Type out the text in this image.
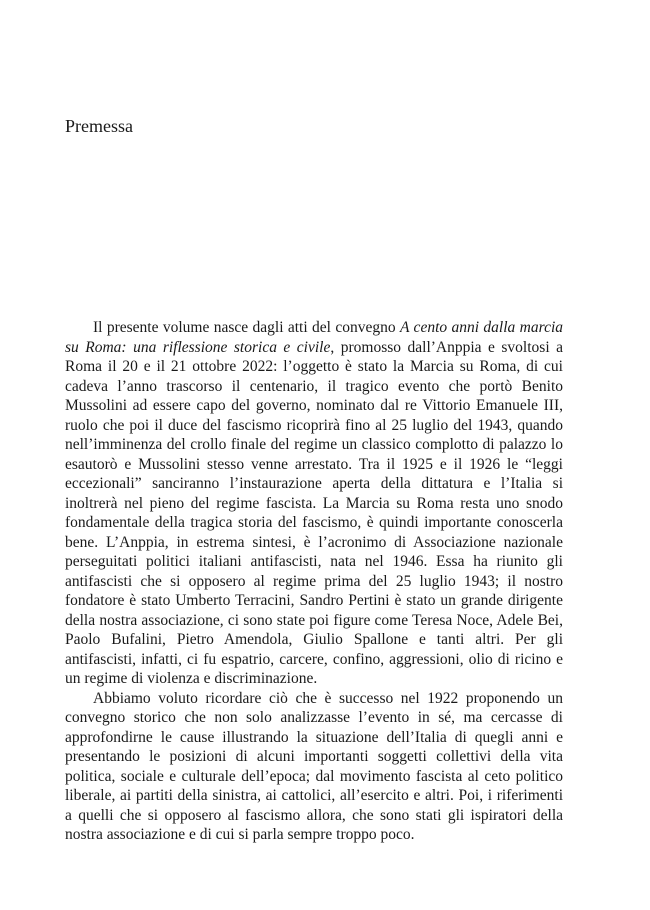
Premessa

Il presente volume nasce dagli atti del convegno A cento anni dalla marcia su Roma: una riflessione storica e civile, promosso dall’Anppia e svoltosi a Roma il 20 e il 21 ottobre 2022: l’oggetto è stato la Marcia su Roma, di cui cadeva l’anno trascorso il centenario, il tragico evento che portò Benito Mussolini ad essere capo del governo, nominato dal re Vittorio Emanuele III, ruolo che poi il duce del fascismo ricoprirà fino al 25 luglio del 1943, quando nell’imminenza del crollo finale del regime un classico complotto di palazzo lo esautorò e Mussolini stesso venne arrestato. Tra il 1925 e il 1926 le “leggi eccezionali” sanciranno l’instaurazione aperta della dittatura e l’Italia si inoltrerà nel pieno del regime fascista. La Marcia su Roma resta uno snodo fondamentale della tragica storia del fascismo, è quindi importante conoscerla bene. L’Anppia, in estrema sintesi, è l’acronimo di Associazione nazionale perseguitati politici italiani antifascisti, nata nel 1946. Essa ha riunito gli antifascisti che si opposero al regime prima del 25 luglio 1943; il nostro fondatore è stato Umberto Terracini, Sandro Pertini è stato un grande dirigente della nostra associazione, ci sono state poi figure come Teresa Noce, Adele Bei, Paolo Bufalini, Pietro Amendola, Giulio Spallone e tanti altri. Per gli antifascisti, infatti, ci fu espatrio, carcere, confino, aggressioni, olio di ricino e un regime di violenza e discriminazione.

Abbiamo voluto ricordare ciò che è successo nel 1922 proponendo un convegno storico che non solo analizzasse l’evento in sé, ma cercasse di approfondirne le cause illustrando la situazione dell’Italia di quegli anni e presentando le posizioni di alcuni importanti soggetti collettivi della vita politica, sociale e culturale dell’epoca; dal movimento fascista al ceto politico liberale, ai partiti della sinistra, ai cattolici, all’esercito e altri. Poi, i riferimenti a quelli che si opposero al fascismo allora, che sono stati gli ispiratori della nostra associazione e di cui si parla sempre troppo poco.
